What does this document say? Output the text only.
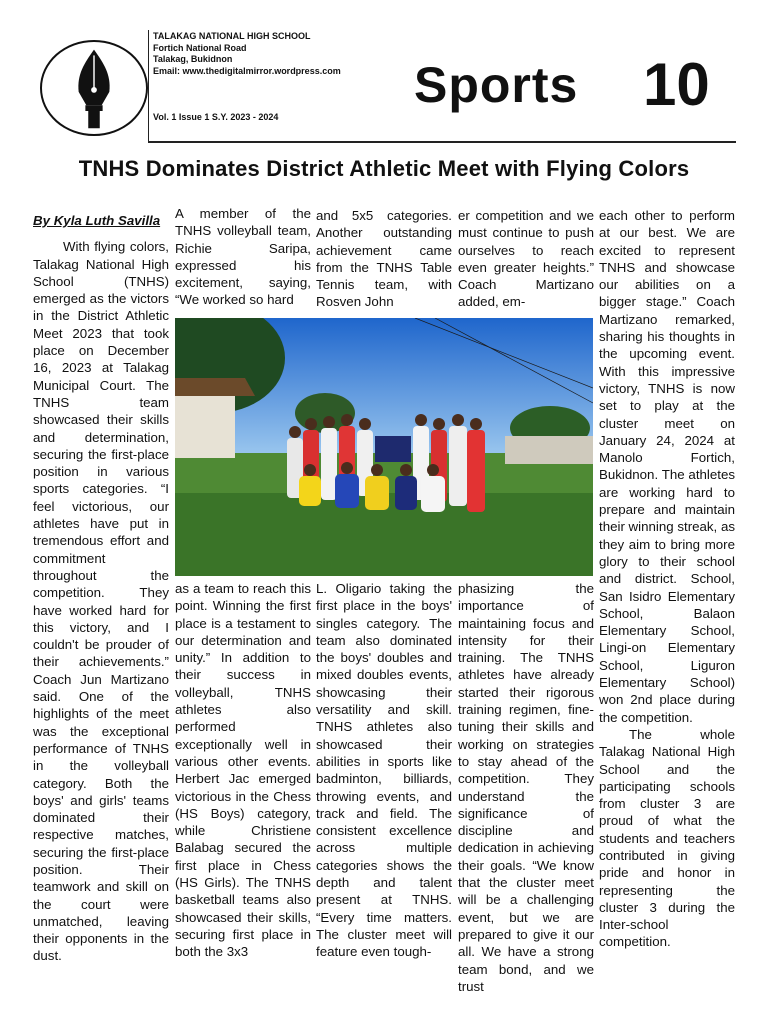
TALAKAG NATIONAL HIGH SCHOOL
Fortich National Road
Talakag, Bukidnon
Email: www.thedigitalmirror.wordpress.com
Vol. 1 Issue 1 S.Y. 2023 - 2024
Sports 10
TNHS Dominates District Athletic Meet with Flying Colors
By Kyla Luth Savilla

With flying colors, Talakag National High School (TNHS) emerged as the victors in the District Athletic Meet 2023 that took place on December 16, 2023 at Talakag Municipal Court. The TNHS team showcased their skills and determination, securing the first-place position in various sports categories. “I feel victorious, our athletes have put in tremendous effort and commitment throughout the competition. They have worked hard for this victory, and I couldn't be prouder of their achievements.” Coach Jun Martizano said. One of the highlights of the meet was the exceptional performance of TNHS in the volleyball category. Both the boys' and girls' teams dominated their respective matches, securing the first-place position. Their teamwork and skill on the court were unmatched, leaving their opponents in the dust.

A member of the TNHS volleyball team, Richie Saripa, expressed his excitement, saying, “We worked so hard

and 5x5 categories. Another outstanding achievement came from the TNHS Table Tennis team, with Rosven John

er competition and we must continue to push ourselves to reach even greater heights.” Coach Martizano added, em-

each other to perform at our best. We are excited to represent TNHS and showcase our abilities on a bigger stage.” Coach Martizano remarked, sharing his thoughts in the upcoming event. With this impressive victory, TNHS is now set to play at the cluster meet on January 24, 2024 at Manolo Fortich, Bukidnon. The athletes are working hard to prepare and maintain their winning streak, as they aim to bring more glory to their school and district. School, San Isidro Elementary School, Balaon Elementary School, Lingi-on Elementary School, Liguron Elementary School) won 2nd place during the competition.

The whole Talakag National High School and the participating schools from cluster 3 are proud of what the students and teachers contributed in giving pride and honor in representing the cluster 3 during the Inter-school competition.

as a team to reach this point. Winning the first place is a testament to our determination and unity.” In addition to their success in volleyball, TNHS athletes also performed exceptionally well in various other events. Herbert Jac emerged victorious in the Chess (HS Boys) category, while Christiene Balabag secured the first place in Chess (HS Girls). The TNHS basketball teams also showcased their skills, securing first place in both the 3x3

L. Oligario taking the first place in the boys' singles category. The team also dominated the boys' doubles and mixed doubles events, showcasing their versatility and skill. TNHS athletes also showcased their abilities in sports like badminton, billiards, throwing events, and track and field. The consistent excellence across multiple categories shows the depth and talent present at TNHS. “Every time matters. The cluster meet will feature even tough-

phasizing the importance of maintaining focus and intensity for their training. The TNHS athletes have already started their rigorous training regimen, fine-tuning their skills and working on strategies to stay ahead of the competition. They understand the significance of discipline and dedication in achieving their goals. “We know that the cluster meet will be a challenging event, but we are prepared to give it our all. We have a strong team bond, and we trust
